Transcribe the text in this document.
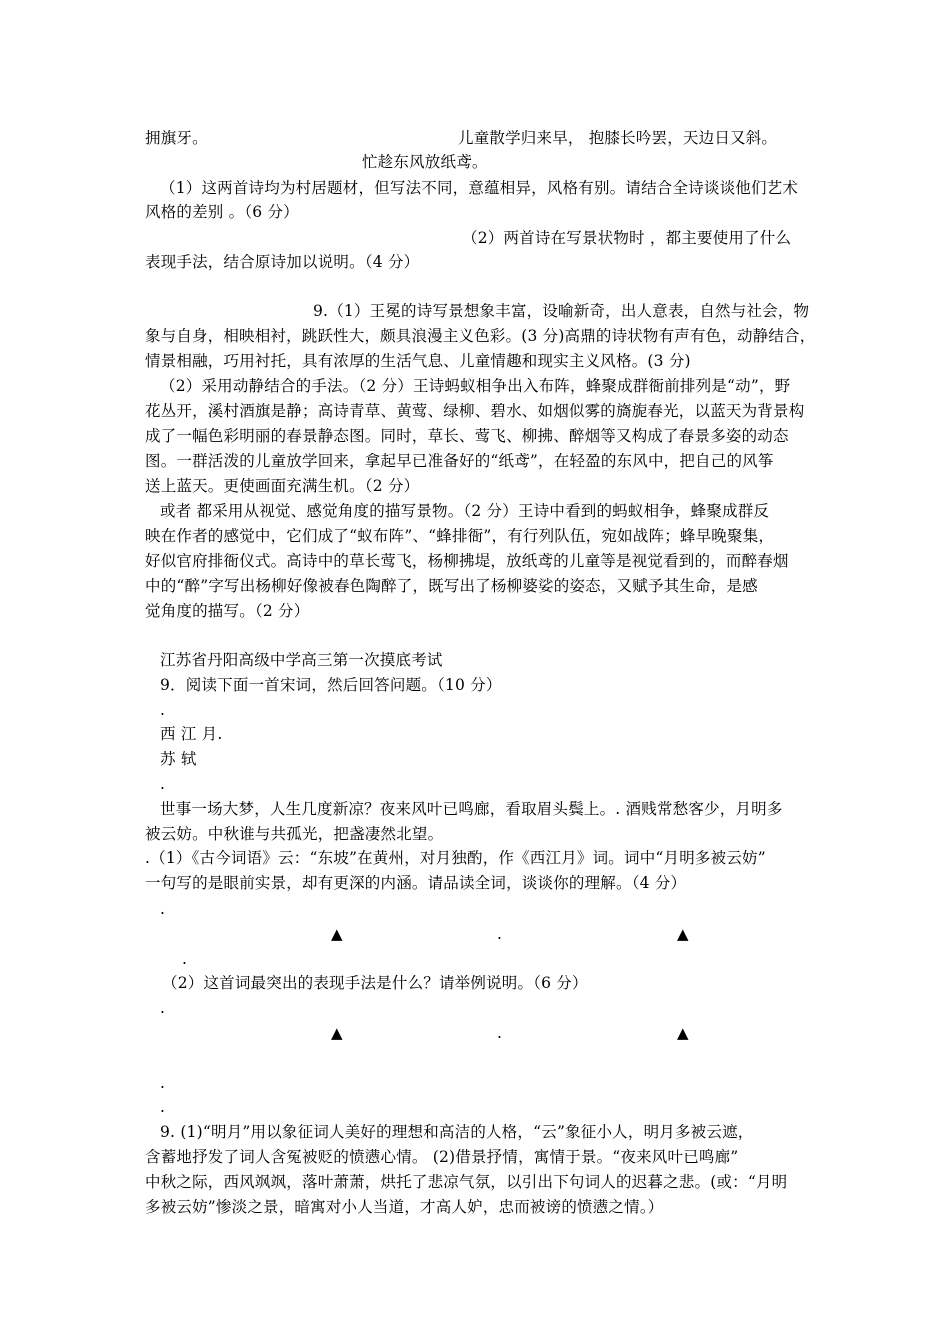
拥旗牙。	儿童散学归来早， 抱膝长吟罢，天边日又斜。
忙趁东风放纸鸢。
（1）这两首诗均为村居题材，但写法不同，意蕴相异，风格有别。请结合全诗谈谈他们艺术
风格的差别 。（6 分）
（2）两首诗在写景状物时 ，都主要使用了什么
表现手法，结合原诗加以说明。（4 分）
9.（1）王冕的诗写景想象丰富，设喻新奇，出人意表，自然与社会，物
象与自身，相映相衬，跳跃性大，颇具浪漫主义色彩。(3 分)高鼎的诗状物有声有色，动静结合，
情景相融，巧用衬托，具有浓厚的生活气息、儿童情趣和现实主义风格。(3 分)
（2）采用动静结合的手法。（2 分）王诗蚂蚁相争出入布阵，蜂聚成群衙前排列是“动”，野
花丛开，溪村酒旗是静；高诗青草、黄莺、绿柳、碧水、如烟似雾的旖旎春光，以蓝天为背景构
成了一幅色彩明丽的春景静态图。同时，草长、莺飞、柳拂、醉烟等又构成了春景多姿的动态
图。一群活泼的儿童放学回来，拿起早已准备好的“纸鸢”，在轻盈的东风中，把自己的风筝
送上蓝天。更使画面充满生机。（2 分）
或者 都采用从视觉、感觉角度的描写景物。（2 分）王诗中看到的蚂蚁相争，蜂聚成群反
映在作者的感觉中，它们成了“蚁布阵”、“蜂排衙”，有行列队伍，宛如战阵；蜂早晚聚集，
好似官府排衙仪式。高诗中的草长莺飞，杨柳拂堤，放纸鸢的儿童等是视觉看到的，而醉春烟
中的“醉”字写出杨柳好像被春色陶醉了，既写出了杨柳婆娑的姿态，又赋予其生命，是感
觉角度的描写。（2 分）
江苏省丹阳高级中学高三第一次摸底考试
9．阅读下面一首宋词，然后回答问题。（10 分）
.
西 江 月.
苏 轼
.
世事一场大梦，人生几度新凉？夜来风叶已鸣廊，看取眉头鬓上。. 酒贱常愁客少，月明多
被云妨。中秋谁与共孤光，把盏凄然北望。
.（1）《古今词语》云：“东坡”在黄州，对月独酌，作《西江月》词。词中“月明多被云妨”
一句写的是眼前实景，却有更深的内涵。请品读全词，谈谈你的理解。（4 分）
.
▲	.	▲
.
（2）这首词最突出的表现手法是什么？请举例说明。（6 分）
.
▲	.	▲
.
.
9. (1)“明月”用以象征词人美好的理想和高洁的人格，“云”象征小人，明月多被云遮，
含蓄地抒发了词人含冤被贬的愤懑心情。 (2)借景抒情，寓情于景。“夜来风叶已鸣廊”
中秋之际，西风飒飒，落叶萧萧，烘托了悲凉气氛，以引出下句词人的迟暮之悲。(或：“月明
多被云妨”惨淡之景，暗寓对小人当道，才高人妒，忠而被谤的愤懑之情。）
